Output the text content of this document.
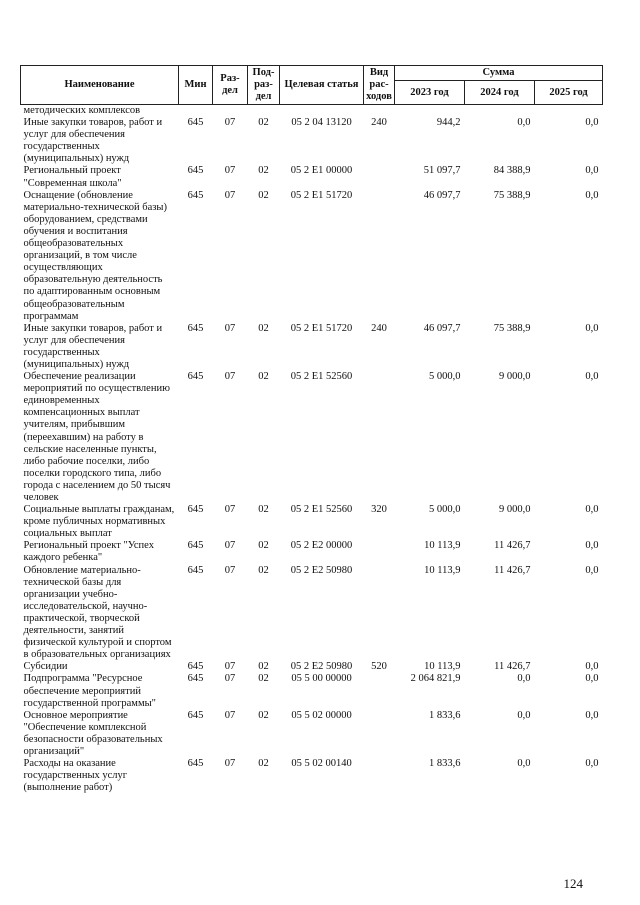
Наименование	Мин	Раз-дел	Под-раз-дел	Целевая статья	Вид рас-ходов	Сумма		
						2023 год	2024 год	2025 год
методических комплексов								
Иные закупки товаров, работ и услуг для обеспечения государственных (муниципальных) нужд	645	07	02	05 2 04 13120	240	944,2	0,0	0,0
Региональный проект "Современная школа"	645	07	02	05 2 E1 00000		51 097,7	84 388,9	0,0
Оснащение (обновление материально-технической базы) оборудованием, средствами обучения и воспитания общеобразовательных организаций, в том числе осуществляющих образовательную деятельность по адаптированным основным общеобразовательным программам	645	07	02	05 2 E1 51720		46 097,7	75 388,9	0,0
Иные закупки товаров, работ и услуг для обеспечения государственных (муниципальных) нужд	645	07	02	05 2 E1 51720	240	46 097,7	75 388,9	0,0
Обеспечение реализации мероприятий по осуществлению единовременных компенсационных выплат учителям, прибывшим (переехавшим) на работу в сельские населенные пункты, либо рабочие поселки, либо поселки городского типа, либо города с населением до 50 тысяч человек	645	07	02	05 2 E1 52560		5 000,0	9 000,0	0,0
Социальные выплаты гражданам, кроме публичных нормативных социальных выплат	645	07	02	05 2 E1 52560	320	5 000,0	9 000,0	0,0
Региональный проект "Успех каждого ребенка"	645	07	02	05 2 E2 00000		10 113,9	11 426,7	0,0
Обновление материально-технической базы для организации учебно-исследовательской, научно-практической, творческой деятельности, занятий физической культурой и спортом в образовательных организациях	645	07	02	05 2 E2 50980		10 113,9	11 426,7	0,0
Субсидии	645	07	02	05 2 E2 50980	520	10 113,9	11 426,7	0,0
Подпрограмма "Ресурсное обеспечение мероприятий государственной программы"	645	07	02	05 5 00 00000		2 064 821,9	0,0	0,0
Основное мероприятие "Обеспечение комплексной безопасности образовательных организаций"	645	07	02	05 5 02 00000		1 833,6	0,0	0,0
Расходы на оказание государственных услуг (выполнение работ)	645	07	02	05 5 02 00140		1 833,6	0,0	0,0
124
